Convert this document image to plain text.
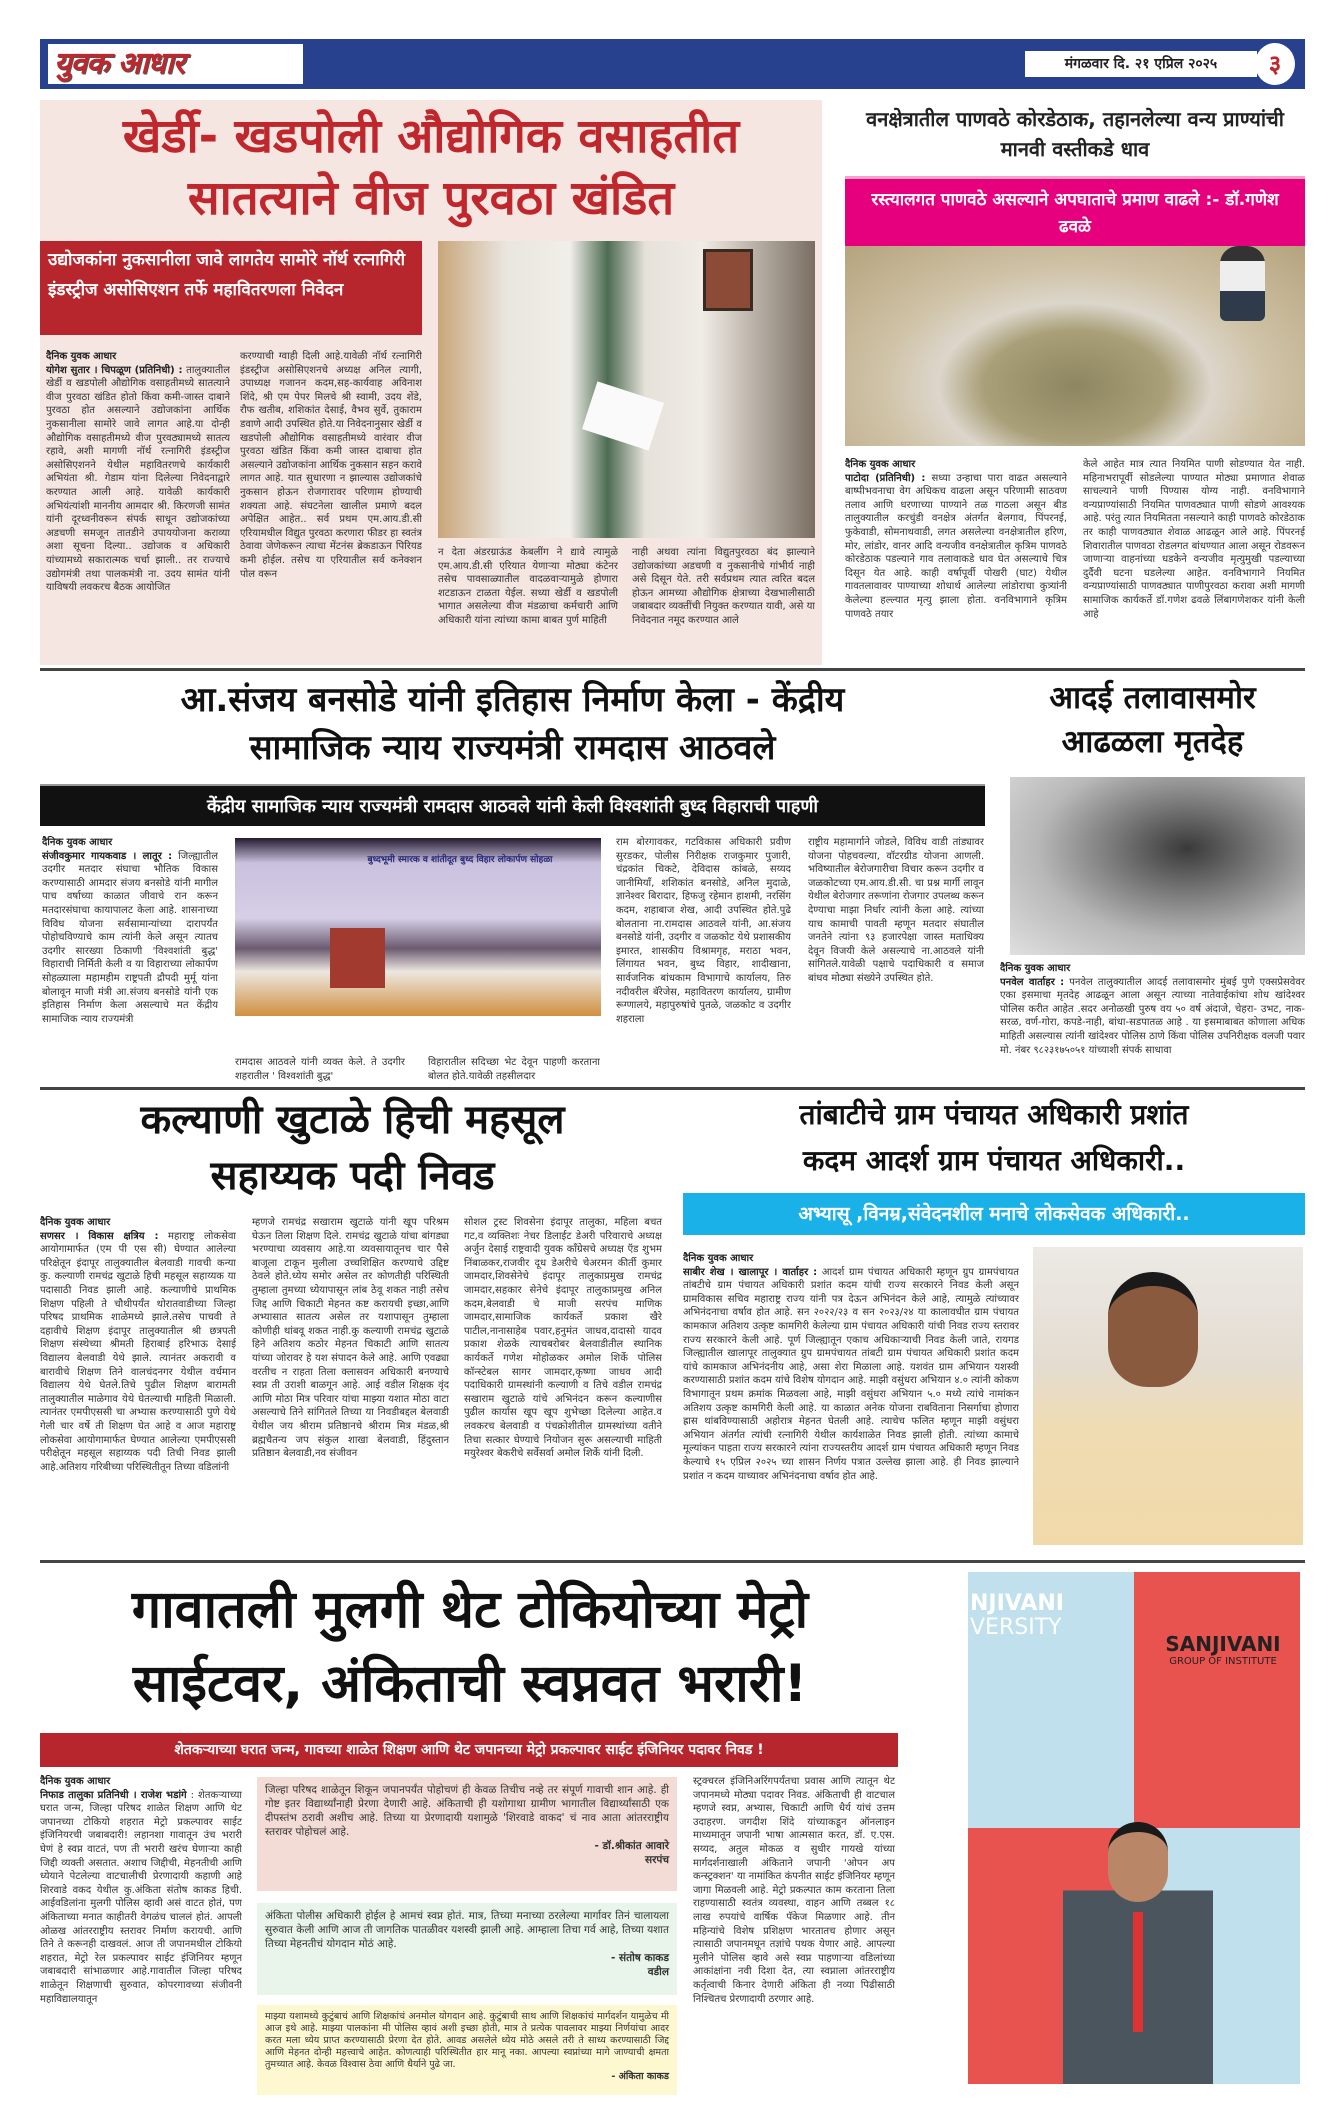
युवक आधार	मंगळवार दि. २१ एप्रिल २०२५	३
खेर्डी- खडपोली औद्योगिक वसाहतीत
सातत्याने वीज पुरवठा खंडित
उद्योजकांना नुकसानीला जावे लागतेय सामोरे नॉर्थ रत्नागिरी इंडस्ट्रीज असोसिएशन तर्फे महावितरणला निवेदन
दैनिक युवक आधार
योगेश सुतार । चिपळूण (प्रतिनिधी) : तालुक्यातील खेर्डी व खडपोली औद्योगिक वसाहतीमध्ये सातत्याने वीज पुरवठा खंडित होतो किंवा कमी-जास्त दाबाने पुरवठा होत असल्याने उद्योजकांना आर्थिक नुकसानीला सामोरे जावे लागत आहे.या दोन्ही औद्योगिक वसाहतीमध्ये वीज पुरवठ्यामध्ये सातत्य रहावे, अशी मागणी नॉर्थ रत्नागिरी इंडस्ट्रीज असोसिएशनने येथील महावितरणचे कार्यकारी अभियंता श्री. गेडाम यांना दिलेल्या निवेदनाद्वारे करण्यात आली आहे. यावेळी कार्यकारी अभियंत्यांशी माननीय आमदार श्री. किरणजी सामंत यांनी दूरध्वनीवरून संपर्क साधून उद्योजकांच्या अडचणी समजून तातडीने उपाययोजना कराव्या अशा सूचना दिल्या.. उद्योजक व अधिकारी यांच्यामध्ये सकारात्मक चर्चा झाली.. तर राज्याचे उद्योगमंत्री तथा पालकमंत्री ना. उदय सामंत यांनी याविषयी लवकरच बैठक आयोजित
करण्याची ग्वाही दिली आहे.यावेळी नॉर्थ रत्नागिरी इंडस्ट्रीज असोसिएशनचे अध्यक्ष अनिल त्यागी, उपाध्यक्ष गजानन कदम,सह-कार्यवाह अविनाश शिंदे, श्री एम पेपर मिलचे श्री स्वामी, उदय शेंडे, रौफ खतीब, शशिकांत देसाई, वैभव सुर्वे, तुकाराम डवाणे आदी उपस्थित होते.या निवेदनानुसार खेर्डी व खडपोली औद्योगिक वसाहतीमध्ये वारंवार वीज पुरवठा खंडित किंवा कमी जास्त दाबाचा होत असल्याने उद्योजकांना आर्थिक नुकसान सहन करावे लागत आहे. यात सुधारणा न झाल्यास उद्योजकांचे नुकसान होऊन रोजगारावर परिणाम होण्याची शक्यता आहे. संघटनेला खालील प्रमाणे बदल अपेक्षित आहेत.. सर्व प्रथम एम.आय.डी.सी एरियामधील विद्युत पुरवठा करणारा फीडर हा स्वतंत्र ठेवावा जेणेकरून त्याचा मेंटनंस ब्रेकडाऊन पिरियड कमी होईल. तसेच या एरियातील सर्व कनेक्शन पोल वरून
न देता अंडरग्राऊंड केबलींग ने द्यावे त्यामुळे एम.आय.डी.सी एरियात येणाऱ्या मोठ्या कंटेनर तसेच पावसाळ्यातील वादळवाऱ्यामुळे होणारा शटडाऊन टाळता येईल. सध्या खेर्डी व खडपोली भागात असलेल्या वीज मंडळाचा कर्मचारी आणि अधिकारी यांना त्यांच्या कामा बाबत पुर्ण माहिती
नाही अथवा त्यांना विद्युतपुरवठा बंद झाल्याने उद्योजकांच्या अडचणी व नुकसानीचे गांभीर्य नाही असे दिसून येते. तरी सर्वप्रथम त्यात त्वरित बदल होऊन आमच्या औद्योगिक क्षेत्राच्या देखभालीसाठी जबाबदार व्यक्तींची नियुक्त करण्यात यावी, असे या निवेदनात नमूद करण्यात आले
वनक्षेत्रातील पाणवठे कोरडेठाक, तहानलेल्या वन्य प्राण्यांची मानवी वस्तीकडे धाव
रस्त्यालगत पाणवठे असल्याने अपघाताचे प्रमाण वाढले :- डॉ.गणेश ढवळे
दैनिक युवक आधार
पाटोदा (प्रतिनिधी) : सध्या उन्हाचा पारा वाढत असल्याने बाष्पीभवनाचा वेग अधिकच वाढला असून परिणामी साठवण तलाव आणि धरणाच्या पाण्याने तळ गाठला असून बीड तालुक्यातील करचुंडी वनक्षेत्र अंतर्गत बेलगाव, पिंपरनई, फुकेवाडी, सोमनाथवाडी, लगत असलेल्या वनक्षेत्रातील हरिण, मोर, लांडोर, वानर आदि वन्यजीव वनक्षेत्रातील कृत्रिम पाणवठे कोरडेठाक पडल्याने गाव तलावाकडे धाव घेत असल्याचे चित्र दिसून येत आहे. काही वर्षापूर्वी पोखरी (घाट) येथील गावतलावावर पाण्याच्या शोधार्थ आलेल्या लांडोराचा कुत्र्यांनी केलेल्या हल्ल्यात मृत्यु झाला होता. वनविभागाने कृत्रिम पाणवठे तयार
केले आहेत मात्र त्यात नियमित पाणी सोडण्यात येत नाही. महिनाभरापूर्वी सोडलेल्या पाण्यात मोठ्या प्रमाणात शेवाळ साचल्याने पाणी पिण्यास योग्य नाही. वनविभागाने वन्यप्राण्यांसाठी नियमित पाणवठ्यात पाणी सोडणे आवश्यक आहे. परंतु त्यात नियमितता नसल्याने काही पाणवठे कोरडेठाक तर काही पाणवठ्यात शेवाळ आढळून आले आहे. पिंपरनई शिवारातील पाणवठा रोडलगत बांधण्यात आला असून रोडवरून जाणाऱ्या वाहनांच्या धडकेने वन्यजीव मृत्युमुखी पडल्याच्या दुर्दैवी घटना घडलेल्या आहेत. वनविभागाने नियमित वन्यप्राण्यांसाठी पाणवठ्यात पाणीपुरवठा करावा अशी मागणी सामाजिक कार्यकर्ते डॉ.गणेश ढवळे लिंबागणेशकर यांनी केली आहे
आ.संजय बनसोडे यांनी इतिहास निर्माण केला - केंद्रीय
सामाजिक न्याय राज्यमंत्री रामदास आठवले
केंद्रीय सामाजिक न्याय राज्यमंत्री रामदास आठवले यांनी केली विश्वशांती बुध्द विहाराची पाहणी
दैनिक युवक आधार
संजीवकुमार गायकवाड । लातूर : जिल्ह्यातील उदगीर मतदार संघाचा भौतिक विकास करण्यासाठी आमदार संजय बनसोडे यांनी मागील पाच वर्षाच्या काळात जीवाचे रान करून मतदारसंघाचा कायापालट केला आहे. शासनाच्या विविध योजना सर्वसामान्यांच्या दारापर्यंत पोहोचविण्याचे काम त्यांनी केले असून त्यातच उदगीर सारख्या ठिकाणी 'विश्वशांती बुद्ध' विहाराची निर्मिती केली व या विहाराच्या लोकार्पण सोहळ्याला महामहीम राष्ट्रपती द्रौपदी मुर्मू यांना बोलावून माजी मंत्री आ.संजय बनसोडे यांनी एक इतिहास निर्माण केला असल्याचे मत केंद्रीय सामाजिक न्याय राज्यमंत्री
बुध्दभूमी स्मारक व शांतीदूत बुध्द विहार लोकार्पण सोहळा
रामदास आठवले यांनी व्यक्त केले. ते उदगीर शहरातील ' विश्वशांती बुद्ध'
विहारातील सदिच्छा भेट देवून पाहणी करताना बोलत होते.यावेळी तहसीलदार
राम बोरगावकर, गटविकास अधिकारी प्रवीण सुरडकर, पोलीस निरीक्षक राजकुमार पुजारी, चंद्रकांत चिकटे, देविदास कांबळे, सय्यद जानीमियाँ, शशिकांत बनसोडे, अनिल मुदाळे, ज्ञानेश्वर बिरादार, हिफजु रहेमान हाशमी, नरसिंग कदम, शहाबाज शेख, आदी उपस्थित होते.पुढे बोलताना ना.रामदास आठवले यांनी, आ.संजय बनसोडे यांनी, उदगीर व जळकोट येथे प्रशासकीय इमारत, शासकीय विश्रामगृह, मराठा भवन, लिंगायत भवन, बुध्द विहार, शादीखाना, सार्वजनिक बांधकाम विभागाचे कार्यालय, तिरु नदीवरील बॅरेजेस, महावितरण कार्यालय, ग्रामीण रूग्णालये, महापुरुषांचे पुतळे, जळकोट व उदगीर शहराला
राष्ट्रीय महामार्गाने जोडले, विविध वाडी तांड्यावर योजना पोहचवल्या, वॉटरग्रीड योजना आणली. भविष्यातील बेरोजगारीचा विचार करून उदगीर व जळकोटच्या एम.आय.डी.सी. चा प्रश्न मार्गी लावून येथील बेरोजगार तरूणांना रोजगार उपलब्ध करून देण्याचा माझा निर्धार त्यांनी केला आहे. त्यांच्या याच कामाची पावती म्हणून मतदार संघातील जनतेने त्यांना ९३ हजारपेक्षा जास्त मताधिक्य देवून विजयी केले असल्याचे ना.आठवले यांनी सांगितले.यावेळी पक्षाचे पदाधिकारी व समाज बांधव मोठ्या संख्येने उपस्थित होते.
आदई तलावासमोर आढळला मृतदेह
दैनिक युवक आधार
पनवेल वार्ताहर : पनवेल तालुक्यातील आदई तलावासमोर मुंबई पुणे एक्सप्रेसवेवर एका इसमाचा मृतदेह आढळून आला असून त्याच्या नातेवाईकांचा शोध खांदेश्वर पोलिस करीत आहेत .सदर अनोळखी पुरुष वय ५० वर्ष अंदाजे, चेहरा- उभट, नाक-सरळ, वर्ण-गोरा, कपडे-नाही, बांधा-सडपातळ आहे . या इसमाबाबत कोणाला अधिक माहिती असल्यास त्यांनी खांदेश्वर पोलिस ठाणे किंवा पोलिस उपनिरीक्षक वलजी पवार मो. नंबर ९८२३१७५०५१ यांच्याशी संपर्क साधावा
कल्याणी खुटाळे हिची महसूल
सहाय्यक पदी निवड
दैनिक युवक आधार
सणसर । विकास क्षत्रिय : महाराष्ट्र लोकसेवा आयोगामार्फत (एम पी एस सी) घेण्यात आलेल्या परिक्षेतून इंदापूर तालुक्यातील बेलवाडी गावची कन्या कु. कल्याणी रामचंद्र खुटाळे हिची महसूल सहाय्यक या पदासाठी निवड झाली आहे. कल्याणीचे प्राथमिक शिक्षण पहिली ते चौथीपर्यंत थोरातवाडीच्या जिल्हा परिषद प्राथमिक शाळेमध्ये झाले.तसेच पाचवी ते दहावीचे शिक्षण इंदापूर तालुक्यातील श्री छत्रपती शिक्षण संस्थेच्या श्रीमती हिराबाई हरिभाऊ देसाई विद्यालय बेलवाडी येथे झाले. त्यानंतर अकरावी व बारावीचे शिक्षण तिने वालचंदनगर येथील वर्धमान विद्यालय येथे घेतले.तिचे पुढील शिक्षण बारामती तालुक्यातील माळेगाव येथे घेतल्याची माहिती मिळाली. त्यानंतर एमपीएससी चा अभ्यास करण्यासाठी पुणे येथे गेली चार वर्षे ती शिक्षण घेत आहे व आज महाराष्ट्र लोकसेवा आयोगामार्फत घेण्यात आलेल्या एमपीएससी परीक्षेतून महसूल सहाय्यक पदी तिची निवड झाली आहे.अतिशय गरिबीच्या परिस्थितीतून तिच्या वडिलांनी
म्हणजे रामचंद्र सखाराम खुटाळे यांनी खूप परिश्रम घेऊन तिला शिक्षण दिले. रामचंद्र खुटाळे यांचा बांगड्या भरण्याचा व्यवसाय आहे.या व्यवसायातूनच चार पैसे बाजूला टाकून मुलीला उच्चशिक्षित करण्याचे उद्दिष्ट ठेवले होते.ध्येय समोर असेल तर कोणतीही परिस्थिती तुम्हाला तुमच्या ध्येयापासून लांब ठेवू शकत नाही तसेच जिद्द आणि चिकाटी मेहनत कष्ट करायची इच्छा,आणि अभ्यासात सातत्य असेल तर यशापासून तुम्हाला कोणीही थांबवू शकत नाही.कु कल्याणी रामचंद्र खुटाळे हिने अतिशय कठोर मेहनत चिकाटी आणि सातत्य यांच्या जोरावर हे यश संपादन केले आहे. आणि एवढ्या वरतीच न राहता तिला क्लासवन अधिकारी बनण्याचे स्वप्न ती उराशी बाळगून आहे. आई वडील शिक्षक वृंद आणि मोठा मित्र परिवार यांचा माझ्या यशात मोठा वाटा असल्याचे तिने सांगितले तिच्या या निवडीबद्दल बेलवाडी येथील जय श्रीराम प्रतिष्ठानचे श्रीराम मित्र मंडळ,श्री ब्रह्मचैतन्य जप संकुल शाखा बेलवाडी, हिंदुस्तान प्रतिष्ठान बेलवाडी,नव संजीवन
सोशल ट्रस्ट शिवसेना इंदापूर तालुका, महिला बचत गट,व व्यक्तिशः नेचर डिलाईट डेअरी परिवाराचे अध्यक्ष अर्जुन देसाई राष्ट्रवादी युवक काँग्रेसचे अध्यक्ष ऍड शुभम निंबाळकर,राजवीर दूध डेअरीचे चेअरमन कीर्ती कुमार जामदार,शिवसेनेचे इंदापूर तालुकाप्रमुख रामचंद्र जामदार,सहकार सेनेचे इंदापूर तालुकाप्रमुख अनिल कदम,बेलवाडी चे माजी सरपंच माणिक जामदार,सामाजिक कार्यकर्ते प्रकाश खैरे पाटील,नानासाहेब पवार,हनुमंत जाधव,दादासो यादव प्रकाश शेळके त्याचबरोबर बेलवाडीतील स्थानिक कार्यकर्ते गणेश मोहोळकर अमोल शिर्के पोलिस कॉन्स्टेबल सागर जामदार,कृष्णा जाधव आदी पदाधिकारी ग्रामस्थांनी कल्याणी व तिचे वडील रामचंद्र सखाराम खुटाळे यांचे अभिनंदन करून कल्याणीस पुढील कार्यास खूप खूप शुभेच्छा दिलेल्या आहेत.व लवकरच बेलवाडी व पंचक्रोशीतील ग्रामस्थांच्या वतीने तिचा सत्कार घेण्याचे नियोजन सुरू असल्याची माहिती मयुरेश्वर बेकरीचे सर्वेसर्वा अमोल शिर्के यांनी दिली.
तांबाटीचे ग्राम पंचायत अधिकारी प्रशांत
कदम आदर्श ग्राम पंचायत अधिकारी..
अभ्यासू ,विनम्र,संवेदनशील मनाचे लोकसेवक अधिकारी..
दैनिक युवक आधार
साबीर शेख । खालापूर । वार्ताहर : आदर्श ग्राम पंचायत अधिकारी म्हणून ग्रुप ग्रामपंचायत तांबटीचे ग्राम पंचायत अधिकारी प्रशांत कदम यांची राज्य सरकारने निवड केली असून ग्रामविकास सचिव महाराष्ट्र राज्य यांनी पत्र देऊन अभिनंदन केले आहे, त्यामुळे त्यांच्यावर अभिनंदनाचा वर्षाव होत आहे. सन २०२२/२३ व सन २०२३/२४ या कालावधीत ग्राम पंचायत कामकाज अतिशय उत्कृष्ट कामगिरी केलेल्या ग्राम पंचायत अधिकारी यांची निवड राज्य स्तरावर राज्य सरकारने केली आहे. पूर्ण जिल्ह्यातून एकाच अधिकाऱ्याची निवड केली जाते, रायगड जिल्ह्यातील खालापूर तालुक्यात ग्रुप ग्रामपंचायत तांबटी ग्राम पंचायत अधिकारी प्रशांत कदम यांचे कामकाज अभिनंदनीय आहे, असा शेरा मिळाला आहे. यशवंत ग्राम अभियान यशस्वी करण्यासाठी प्रशांत कदम यांचे विशेष योगदान आहे. माझी वसुंधरा अभियान ४.० त्यांनी कोकण विभागातून प्रथम क्रमांक मिळवला आहे, माझी वसुंधरा अभियान ५.० मध्ये त्यांचे नामांकन अतिशय उत्कृष्ट कामगिरी केली आहे. या काळात अनेक योजना राबविताना निसर्गाचा होणारा ह्रास थांबविण्यासाठी अहोरात्र मेहनत घेतली आहे. त्याचेच फलित म्हणून माझी वसुंधरा अभियान अंतर्गत त्यांची रत्नागिरी येथील कार्यशाळेत निवड झाली होती. त्यांच्या कामाचे मूल्यांकन पाहता राज्य सरकारने त्यांना राज्यस्तरीय आदर्श ग्राम पंचायत अधिकारी म्हणून निवड केल्याचे १५ एप्रिल २०२५ च्या शासन निर्णय पत्रात उल्लेख झाला आहे. ही निवड झाल्याने प्रशांत न कदम याच्यावर अभिनंदनाचा वर्षाव होत आहे.
गावातली मुलगी थेट टोकियोच्या मेट्रो
साईटवर, अंकिताची स्वप्नवत भरारी!
शेतकऱ्याच्या घरात जन्म, गावच्या शाळेत शिक्षण आणि थेट जपानच्या मेट्रो प्रकल्पावर साईट इंजिनियर पदावर निवड !
दैनिक युवक आधार
निफाड तालुका प्रतिनिधी । राजेश भडांगे : शेतकऱ्याच्या घरात जन्म, जिल्हा परिषद शाळेत शिक्षण आणि थेट जपानच्या टोकियो शहरात मेट्रो प्रकल्पावर साईट इंजिनियरची जबाबदारी! लहानशा गावातून उंच भरारी घेणं हे स्वप्न वाटतं, पण ती भरारी खरंच घेणाऱ्या काही जिद्दी व्यक्ती असतात. अशाच जिद्दीची, मेहनतीची आणि ध्येयाने पेटलेल्या वाटचालीची प्रेरणादायी कहाणी आहे शिरवाडे वकद येथील कु.अंकिता संतोष काकड हिची. आईवडिलांना मुलगी पोलिस व्हावी असं वाटत होतं, पण अंकिताच्या मनात काहीतरी वेगळंच चाललं होतं. आपली ओळख आंतरराष्ट्रीय स्तरावर निर्माण करायची. आणि तिने ते करूनही दाखवलं. आज ती जपानमधील टोकियो शहरात, मेट्रो रेल प्रकल्पावर साईट इंजिनियर म्हणून जबाबदारी सांभाळणार आहे.गावातील जिल्हा परिषद शाळेतून शिक्षणाची सुरुवात, कोपरगावच्या संजीवनी महाविद्यालयातून
जिल्हा परिषद शाळेतून शिकून जपानपर्यंत पोहोचणं ही केवळ तिचीच नव्हे तर संपूर्ण गावाची शान आहे. ही गोष्ट इतर विद्यार्थ्यांनाही प्रेरणा देणारी आहे. अंकिताची ही यशोगाथा ग्रामीण भागातील विद्यार्थ्यांसाठी एक दीपस्तंभ ठरावी अशीच आहे. तिच्या या प्रेरणादायी यशामुळे 'शिरवाडे वाकद' चं नाव आता आंतरराष्ट्रीय स्तरावर पोहोचलं आहे.
- डॉ.श्रीकांत आवारे
सरपंच
अंकिता पोलीस अधिकारी होईल हे आमचं स्वप्न होतं. मात्र, तिच्या मनाच्या ठरलेल्या मार्गावर तिनं चालायला सुरुवात केली आणि आज ती जागतिक पातळीवर यशस्वी झाली आहे. आम्हाला तिचा गर्व आहे, तिच्या यशात तिच्या मेहनतीचं योगदान मोठं आहे.
- संतोष काकड
वडील
माझ्या यशामध्ये कुटुंबाचं आणि शिक्षकांचं अनमोल योगदान आहे. कुटुंबाची साथ आणि शिक्षकांचं मार्गदर्शन यामुळेच मी आज इथे आहे. माझ्या पालकांना मी पोलिस व्हावं अशी इच्छा होती, मात्र ते प्रत्येक पावलावर माझ्या निर्णयांचा आदर करत मला ध्येय प्राप्त करण्यासाठी प्रेरणा देत होते. आवड असलेले ध्येय मोठे असले तरी ते साध्य करण्यासाठी जिद्द आणि मेहनत दोन्ही महत्त्वाचे आहेत. कोणत्याही परिस्थितीत हार मानू नका. आपल्या स्वप्नांच्या मागे जाण्याची क्षमता तुमच्यात आहे. केवळ विश्वास ठेवा आणि धैर्याने पुढे जा.
- अंकिता काकड
स्ट्रक्चरल इंजिनिअरिंगपर्यंतचा प्रवास आणि त्यातून थेट जपानमध्ये मोठ्या पदावर निवड. अंकिताची ही वाटचाल म्हणजे स्वप्न, अभ्यास, चिकाटी आणि धैर्य यांचं उत्तम उदाहरण. जगदीश शिंदे यांच्याकडून ऑनलाइन माध्यमातून जपानी भाषा आत्मसात करत, डॉ. ए.एस. सय्यद, अतुल मोकळ व सुधीर गायखे यांच्या मार्गदर्शनाखाली अंकिताने जपानी 'ओपन अप कन्स्ट्रक्शन' या नामांकित कंपनीत साईट इंजिनियर म्हणून जागा मिळवली आहे. मेट्रो प्रकल्पात काम करताना तिला राहण्यासाठी स्वतंत्र व्यवस्था, वाहन आणि तब्बल १८ लाख रुपयांचे वार्षिक पॅकेज मिळणार आहे. तीन महिन्यांचे विशेष प्रशिक्षण भारतातच होणार असून त्यासाठी जपानमधून तज्ञांचे पथक येणार आहे. आपल्या मुलीने पोलिस व्हावे असे स्वप्न पाहणाऱ्या वडिलांच्या आकांक्षांना नवी दिशा देत, त्या स्वप्नाला आंतरराष्ट्रीय कर्तृत्वाची किनार देणारी अंकिता ही नव्या पिढीसाठी निश्चितच प्रेरणादायी ठरणार आहे.
NJIVANI
VERSITY
SANJIVANI
GROUP OF INSTITUTE
